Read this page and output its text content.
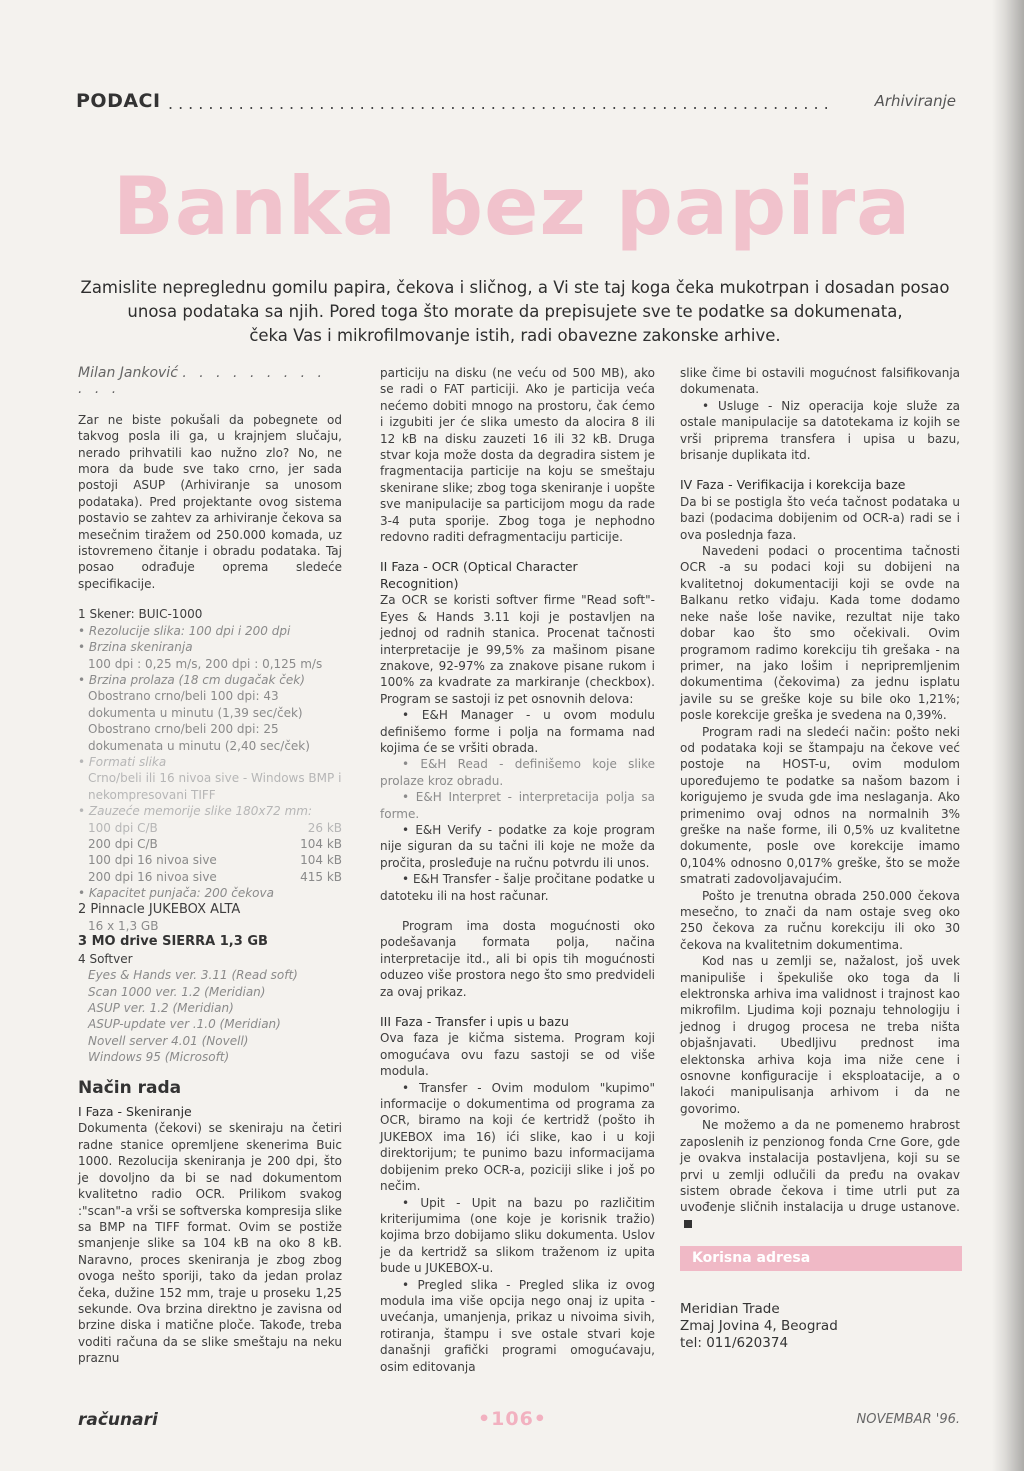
PODACI ..................................................................	Arhiviranje
Banka bez papira
Zamislite nepreglednu gomilu papira, čekova i sličnog, a Vi ste taj koga čeka mukotrpan i dosadan posao
unosa podataka sa njih. Pored toga što morate da prepisujete sve te podatke sa dokumenata,
čeka Vas i mikrofilmovanje istih, radi obavezne zakonske arhive.
Milan Janković . . . . . . . . . . . .

Zar ne biste pokušali da pobegnete od takvog posla ili ga, u krajnjem slučaju, nerado prihvatili kao nužno zlo? No, ne mora da bude sve tako crno, jer sada postoji ASUP (Arhiviranje sa unosom podataka). Pred projektante ovog sistema postavio se zahtev za arhiviranje čekova sa mesečnim tiražem od 250.000 komada, uz istovremeno čitanje i obradu podataka. Taj posao odrađuje oprema sledeće specifikacije.

1 Skener: BUIC-1000
• Rezolucije slika: 100 dpi i 200 dpi
• Brzina skeniranja
100 dpi : 0,25 m/s, 200 dpi : 0,125 m/s
• Brzina prolaza (18 cm dugačak ček)
Obostrano crno/beli 100 dpi: 43 dokumenta u minutu (1,39 sec/ček)
Obostrano crno/beli 200 dpi: 25 dokumenata u minutu (2,40 sec/ček)
• Formati slika
Crno/beli ili 16 nivoa sive - Windows BMP i nekompresovani TIFF
• Zauzeće memorije slike 180x72 mm:
100 dpi C/B	26 kB
200 dpi C/B	104 kB
100 dpi 16 nivoa sive	104 kB
200 dpi 16 nivoa sive	415 kB
• Kapacitet punjača: 200 čekova
2 Pinnacle JUKEBOX ALTA
16 x 1,3 GB
3 MO drive SIERRA 1,3 GB
4 Softver
Eyes & Hands ver. 3.11 (Read soft)
Scan 1000 ver. 1.2 (Meridian)
ASUP ver. 1.2 (Meridian)
ASUP-update ver .1.0 (Meridian)
Novell server 4.01 (Novell)
Windows 95 (Microsoft)
Način rada
I Faza - Skeniranje

Dokumenta (čekovi) se skeniraju na četiri radne stanice opremljene skenerima Buic 1000. Rezolucija skeniranja je 200 dpi, što je dovoljno da bi se nad dokumentom kvalitetno radio OCR. Prilikom svakog :"scan"-a vrši se softverska kompresija slike sa BMP na TIFF format. Ovim se postiže smanjenje slike sa 104 kB na oko 8 kB. Naravno, proces skeniranja je zbog zbog ovoga nešto sporiji, tako da jedan prolaz čeka, dužine 152 mm, traje u proseku 1,25 sekunde. Ova brzina direktno je zavisna od brzine diska i matične ploče. Takođe, treba voditi računa da se slike smeštaju na neku praznu

particiju na disku (ne veću od 500 MB), ako se radi o FAT particiji. Ako je particija veća nećemo dobiti mnogo na prostoru, čak ćemo i izgubiti jer će slika umesto da alocira 8 ili 12 kB na disku zauzeti 16 ili 32 kB. Druga stvar koja može dosta da degradira sistem je fragmentacija particije na koju se smeštaju skenirane slike; zbog toga skeniranje i uopšte sve manipulacije sa particijom mogu da rade 3-4 puta sporije. Zbog toga je nephodno redovno raditi defragmentaciju particije.

II Faza - OCR (Optical Character Recognition)

Za OCR se koristi softver firme "Read soft"-Eyes & Hands 3.11 koji je postavljen na jednoj od radnih stanica. Procenat tačnosti interpretacije je 99,5% za mašinom pisane znakove, 92-97% za znakove pisane rukom i 100% za kvadrate za markiranje (checkbox). Program se sastoji iz pet osnovnih delova:

• E&H Manager - u ovom modulu definišemo forme i polja na formama nad kojima će se vršiti obrada.

• E&H Read - definišemo koje slike prolaze kroz obradu.

• E&H Interpret - interpretacija polja sa forme.

• E&H Verify - podatke za koje program nije siguran da su tačni ili koje ne može da pročita, prosleđuje na ručnu potvrdu ili unos.

• E&H Transfer - šalje pročitane podatke u datoteku ili na host računar.

Program ima dosta mogućnosti oko podešavanja formata polja, načina interpretacije itd., ali bi opis tih mogućnosti oduzeo više prostora nego što smo predvideli za ovaj prikaz.

III Faza - Transfer i upis u bazu

Ova faza je kičma sistema. Program koji omogućava ovu fazu sastoji se od više modula.

• Transfer - Ovim modulom "kupimo" informacije o dokumentima od programa za OCR, biramo na koji će kertridž (pošto ih JUKEBOX ima 16) ići slike, kao i u koji direktorijum; te punimo bazu informacijama dobijenim preko OCR-a, poziciji slike i još po nečim.

• Upit - Upit na bazu po različitim kriterijumima (one koje je korisnik tražio) kojima brzo dobijamo sliku dokumenta. Uslov je da kertridž sa slikom traženom iz upita bude u JUKEBOX-u.

• Pregled slika - Pregled slika iz ovog modula ima više opcija nego onaj iz upita - uvećanja, umanjenja, prikaz u nivoima sivih, rotiranja, štampu i sve ostale stvari koje današnji grafički programi omogućavaju, osim editovanja

slike čime bi ostavili mogućnost falsifikovanja dokumenata.

• Usluge - Niz operacija koje služe za ostale manipulacije sa datotekama iz kojih se vrši priprema transfera i upisa u bazu, brisanje duplikata itd.

IV Faza - Verifikacija i korekcija baze

Da bi se postigla što veća tačnost podataka u bazi (podacima dobijenim od OCR-a) radi se i ova poslednja faza.

Navedeni podaci o procentima tačnosti OCR -a su podaci koji su dobijeni na kvalitetnoj dokumentaciji koji se ovde na Balkanu retko viđaju. Kada tome dodamo neke naše loše navike, rezultat nije tako dobar kao što smo očekivali. Ovim programom radimo korekciju tih grešaka - na primer, na jako lošim i nepripremljenim dokumentima (čekovima) za jednu isplatu javile su se greške koje su bile oko 1,21%; posle korekcije greška je svedena na 0,39%.

Program radi na sledeći način: pošto neki od podataka koji se štampaju na čekove već postoje na HOST-u, ovim modulom upoređujemo te podatke sa našom bazom i korigujemo je svuda gde ima neslaganja. Ako primenimo ovaj odnos na normalnih 3% greške na naše forme, ili 0,5% uz kvalitetne dokumente, posle ove korekcije imamo 0,104% odnosno 0,017% greške, što se može smatrati zadovoljavajućim.

Pošto je trenutna obrada 250.000 čekova mesečno, to znači da nam ostaje sveg oko 250 čekova za ručnu korekciju ili oko 30 čekova na kvalitetnim dokumentima.

Kod nas u zemlji se, nažalost, još uvek manipuliše i špekuliše oko toga da li elektronska arhiva ima validnost i trajnost kao mikrofilm. Ljudima koji poznaju tehnologiju i jednog i drugog procesa ne treba ništa objašnjavati. Ubedljivu prednost ima elektonska arhiva koja ima niže cene i osnovne konfiguracije i eksploatacije, a o lakoći manipulisanja arhivom i da ne govorimo.

Ne možemo a da ne pomenemo hrabrost zaposlenih iz penzionog fonda Crne Gore, gde je ovakva instalacija postavljena, koji su se prvi u zemlji odlučili da pređu na ovakav sistem obrade čekova i time utrli put za uvođenje sličnih instalacija u druge ustanove.

Korisna adresa
Meridian Trade
Zmaj Jovina 4, Beograd
tel: 011/620374
računari	•106•	NOVEMBAR '96.
